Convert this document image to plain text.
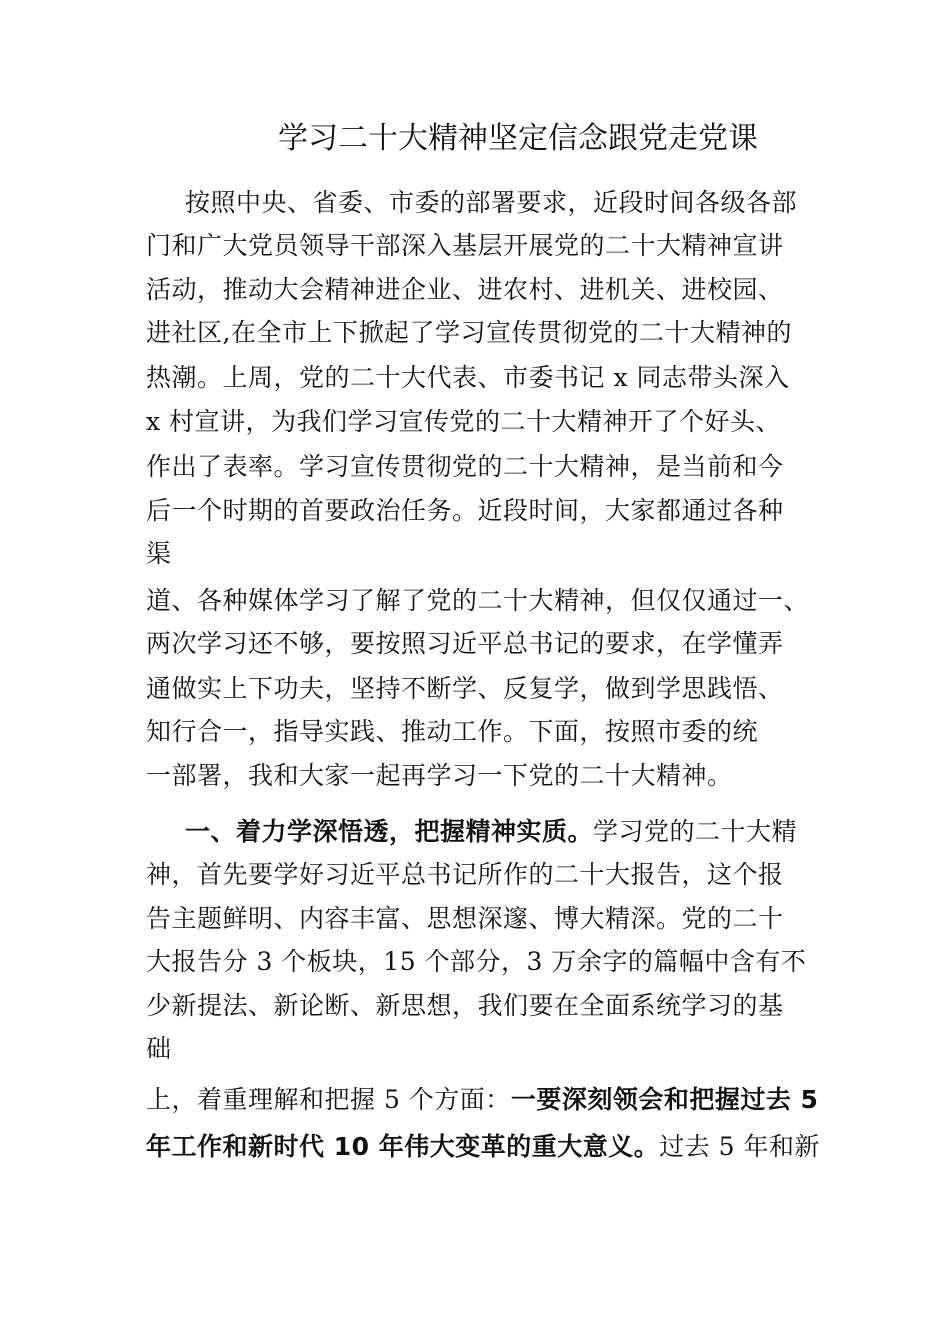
学习二十大精神坚定信念跟党走党课
按照中央、省委、市委的部署要求，近段时间各级各部
门和广大党员领导干部深入基层开展党的二十大精神宣讲
活动，推动大会精神进企业、进农村、进机关、进校园、
进社区,在全市上下掀起了学习宣传贯彻党的二十大精神的
热潮。上周，党的二十大代表、市委书记 x 同志带头深入
x 村宣讲，为我们学习宣传党的二十大精神开了个好头、
作出了表率。学习宣传贯彻党的二十大精神，是当前和今
后一个时期的首要政治任务。近段时间，大家都通过各种
渠
道、各种媒体学习了解了党的二十大精神，但仅仅通过一、
两次学习还不够，要按照习近平总书记的要求，在学懂弄
通做实上下功夫，坚持不断学、反复学，做到学思践悟、
知行合一，指导实践、推动工作。下面，按照市委的统
一部署，我和大家一起再学习一下党的二十大精神。
一、着力学深悟透，把握精神实质。学习党的二十大精
神，首先要学好习近平总书记所作的二十大报告，这个报
告主题鲜明、内容丰富、思想深邃、博大精深。党的二十
大报告分 3 个板块，15 个部分，3 万余字的篇幅中含有不
少新提法、新论断、新思想，我们要在全面系统学习的基
础
上，着重理解和把握 5 个方面：一要深刻领会和把握过去 5
年工作和新时代 10 年伟大变革的重大意义。过去 5 年和新
